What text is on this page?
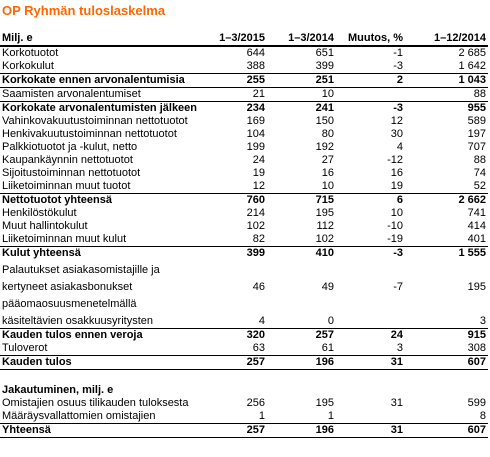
OP Ryhmän tuloslaskelma
Milj. e	1–3/2015	1–3/2014	Muutos, %	1–12/2014
Korkotuotot	644	651	-1	2 685
Korkokulut	388	399	-3	1 642
Korkokate ennen arvonalentumisia	255	251	2	1 043
Saamisten arvonalentumiset	21	10		88
Korkokate arvonalentumisten jälkeen	234	241	-3	955
Vahinkovakuutustoiminnan nettotuotot	169	150	12	589
Henkivakuutustoiminnan nettotuotot	104	80	30	197
Palkkiotuotot ja -kulut, netto	199	192	4	707
Kaupankäynnin nettotuotot	24	27	-12	88
Sijoitustoiminnan nettotuotot	19	16	16	74
Liiketoiminnan muut tuotot	12	10	19	52
Nettotuotot yhteensä	760	715	6	2 662
Henkilöstökulut	214	195	10	741
Muut hallintokulut	102	112	-10	414
Liiketoiminnan muut kulut	82	102	-19	401
Kulut yhteensä	399	410	-3	1 555
Palautukset asiakasomistajille ja				
kertyneet asiakasbonukset	46	49	-7	195
pääomaosuusmenetelmällä				
käsiteltävien osakkuusyritysten	4	0		3
Kauden tulos ennen veroja	320	257	24	915
Tuloverot	63	61	3	308
Kauden tulos	257	196	31	607

Jakautuminen, milj. e				
Omistajien osuus tilikauden tuloksesta	256	195	31	599
Määräysvallattomien omistajien	1	1		8
Yhteensä	257	196	31	607
